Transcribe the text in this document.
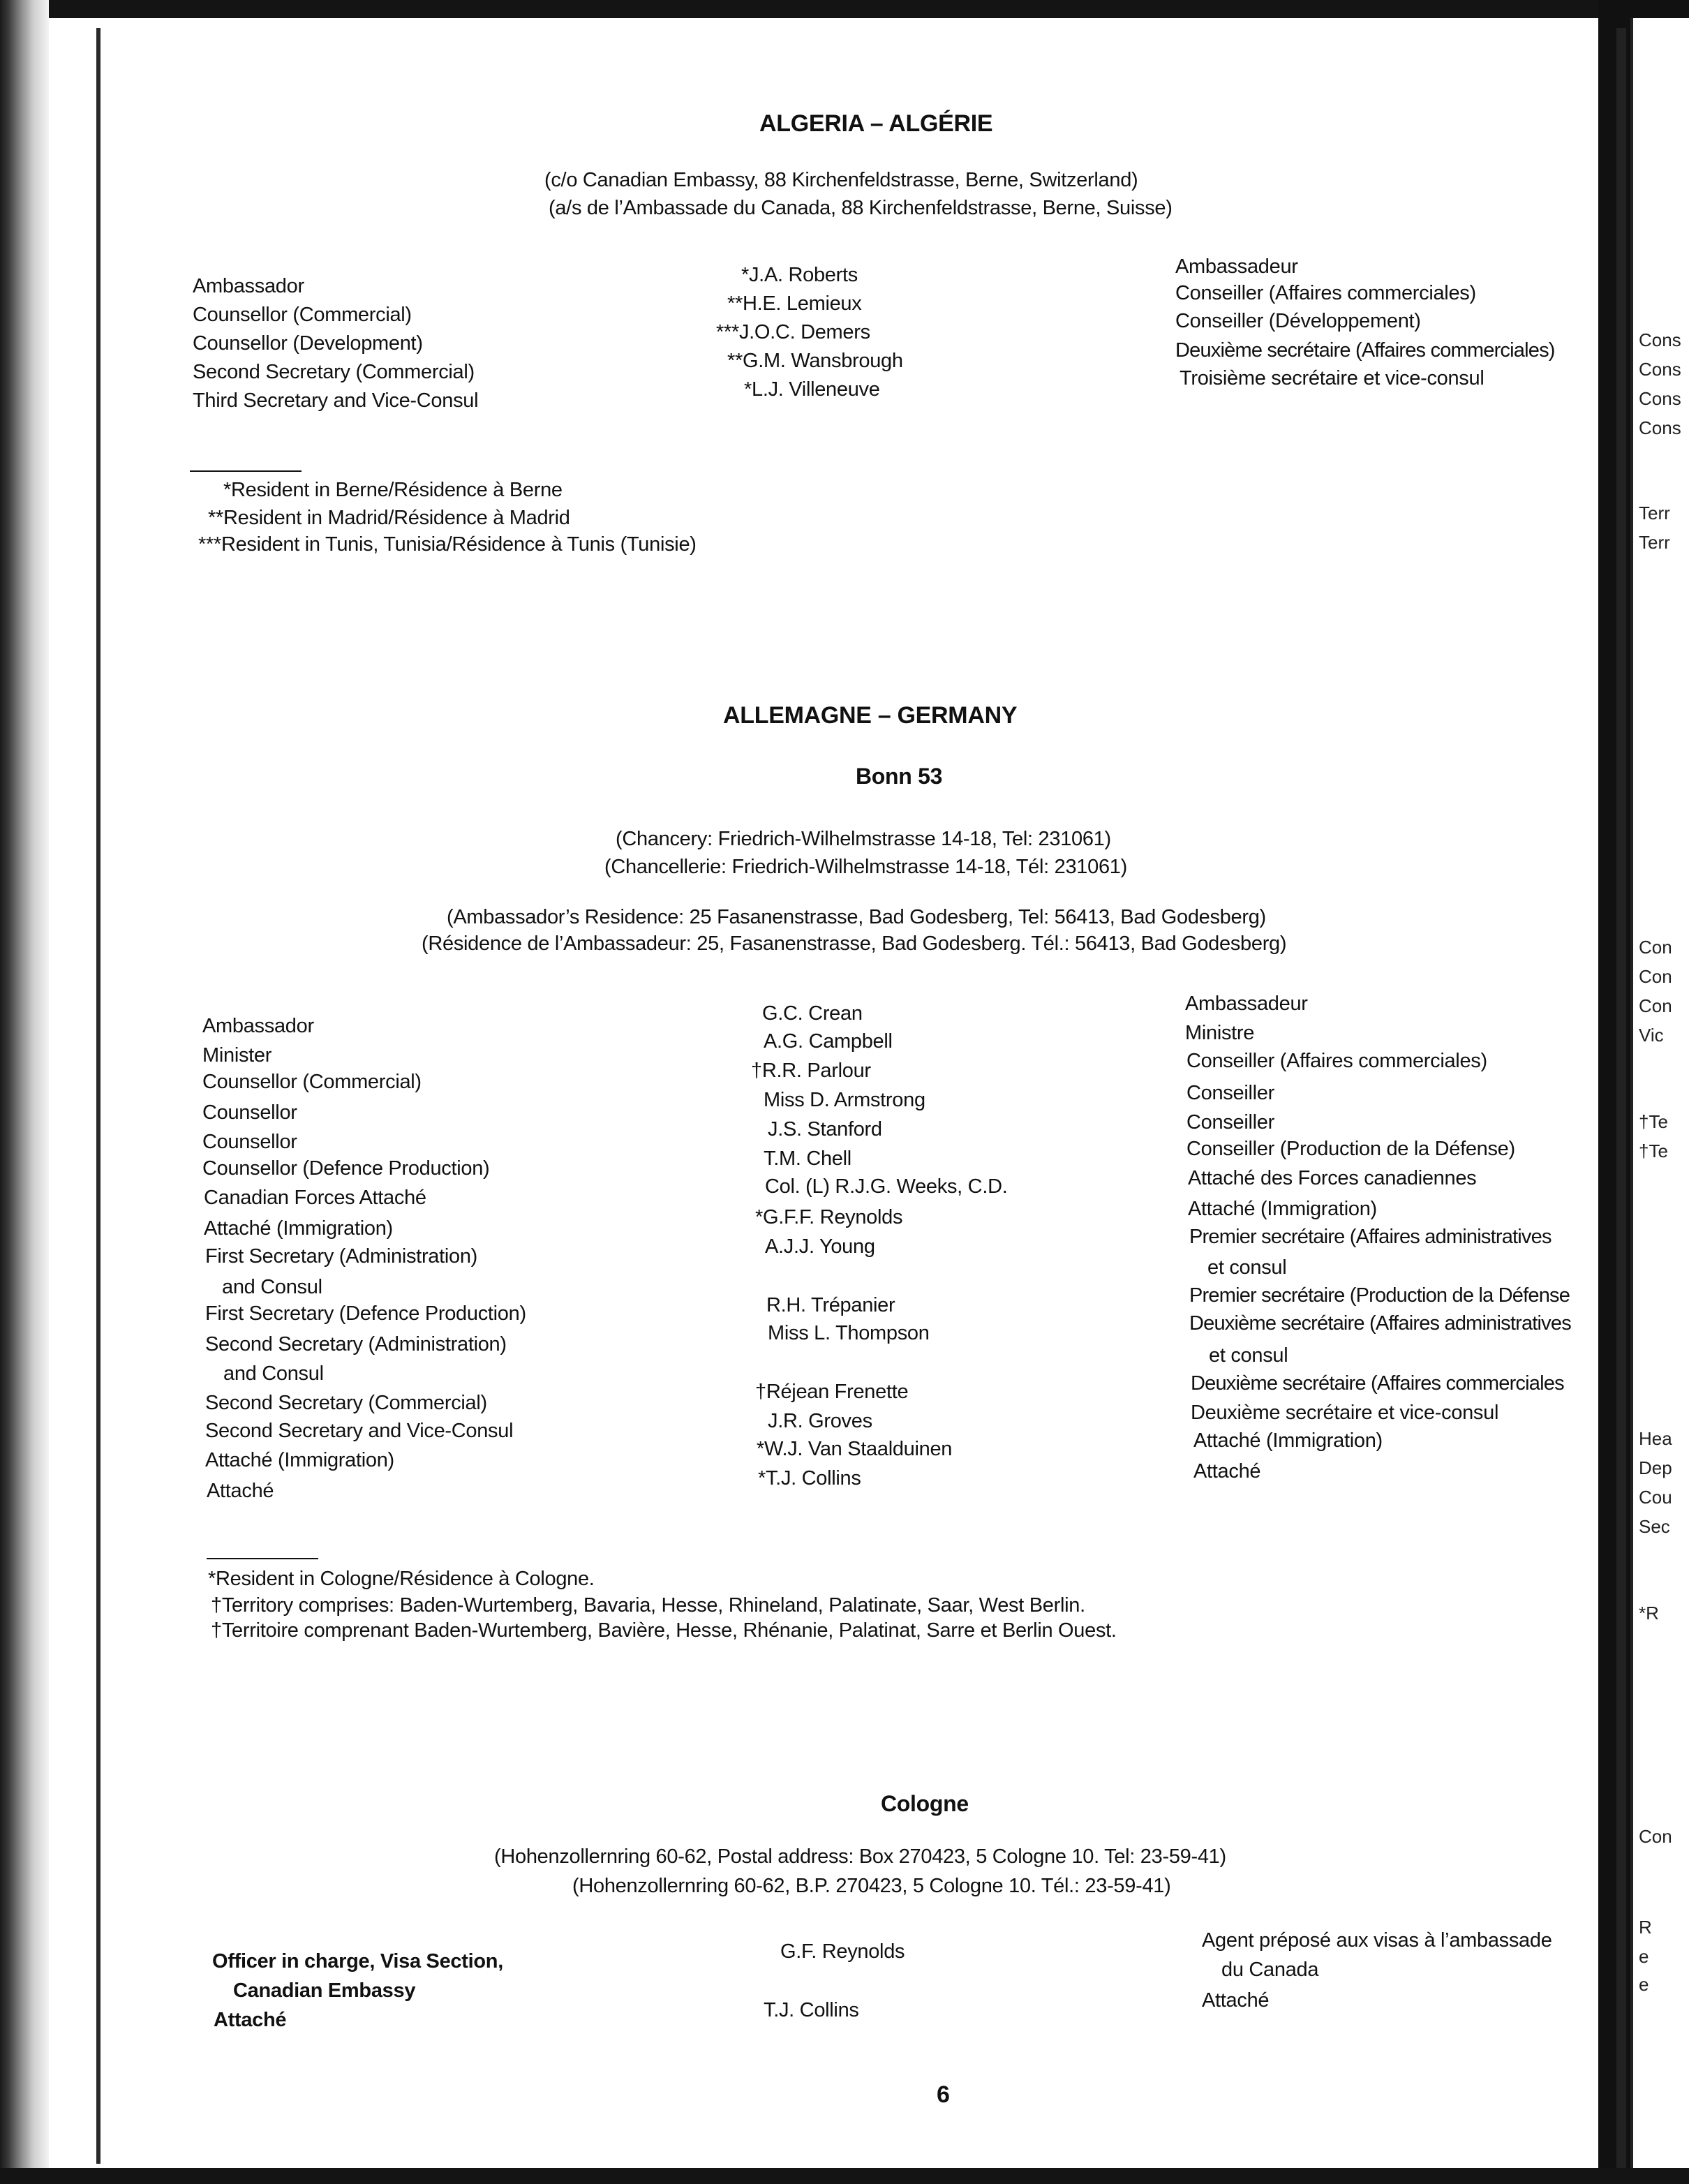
Cons
Cons
Cons
Cons
Terr
Terr
Con
Con
Con
Vic
†Te
†Te
Hea
Dep
Cou
Sec
*R
Con
R
e
e
ALGERIA – ALGÉRIE
(c/o Canadian Embassy, 88 Kirchenfeldstrasse, Berne, Switzerland)
(a/s de l’Ambassade du Canada, 88 Kirchenfeldstrasse, Berne, Suisse)
Ambassador
Counsellor (Commercial)
Counsellor (Development)
Second Secretary (Commercial)
Third Secretary and Vice-Consul
*J.A. Roberts
**H.E. Lemieux
***J.O.C. Demers
**G.M. Wansbrough
*L.J. Villeneuve
Ambassadeur
Conseiller (Affaires commerciales)
Conseiller (Développement)
Deuxième secrétaire (Affaires commerciales)
Troisième secrétaire et vice-consul
*Resident in Berne/Résidence à Berne
**Resident in Madrid/Résidence à Madrid
***Resident in Tunis, Tunisia/Résidence à Tunis (Tunisie)
ALLEMAGNE – GERMANY
Bonn 53
(Chancery: Friedrich-Wilhelmstrasse 14-18, Tel: 231061)
(Chancellerie: Friedrich-Wilhelmstrasse 14-18, Tél: 231061)
(Ambassador’s Residence: 25 Fasanenstrasse, Bad Godesberg, Tel: 56413, Bad Godesberg)
(Résidence de l’Ambassadeur: 25, Fasanenstrasse, Bad Godesberg. Tél.: 56413, Bad Godesberg)
Ambassador
Minister
Counsellor (Commercial)
Counsellor
Counsellor
Counsellor (Defence Production)
Canadian Forces Attaché
Attaché (Immigration)
First Secretary (Administration)
and Consul
First Secretary (Defence Production)
Second Secretary (Administration)
and Consul
Second Secretary (Commercial)
Second Secretary and Vice-Consul
Attaché (Immigration)
Attaché
G.C. Crean
A.G. Campbell
†R.R. Parlour
Miss D. Armstrong
J.S. Stanford
T.M. Chell
Col. (L) R.J.G. Weeks, C.D.
*G.F.F. Reynolds
A.J.J. Young
R.H. Trépanier
Miss L. Thompson
†Réjean Frenette
J.R. Groves
*W.J. Van Staalduinen
*T.J. Collins
Ambassadeur
Ministre
Conseiller (Affaires commerciales)
Conseiller
Conseiller
Conseiller (Production de la Défense)
Attaché des Forces canadiennes
Attaché (Immigration)
Premier secrétaire (Affaires administratives
et consul
Premier secrétaire (Production de la Défense
Deuxième secrétaire (Affaires administratives
et consul
Deuxième secrétaire (Affaires commerciales
Deuxième secrétaire et vice-consul
Attaché (Immigration)
Attaché
*Resident in Cologne/Résidence à Cologne.
†Territory comprises: Baden-Wurtemberg, Bavaria, Hesse, Rhineland, Palatinate, Saar, West Berlin.
†Territoire comprenant Baden-Wurtemberg, Bavière, Hesse, Rhénanie, Palatinat, Sarre et Berlin Ouest.
Cologne
(Hohenzollernring 60-62, Postal address: Box 270423, 5 Cologne 10. Tel: 23-59-41)
(Hohenzollernring 60-62, B.P. 270423, 5 Cologne 10. Tél.: 23-59-41)
Officer in charge, Visa Section,
Canadian Embassy
Attaché
G.F. Reynolds
T.J. Collins
Agent préposé aux visas à l’ambassade
du Canada
Attaché
6
